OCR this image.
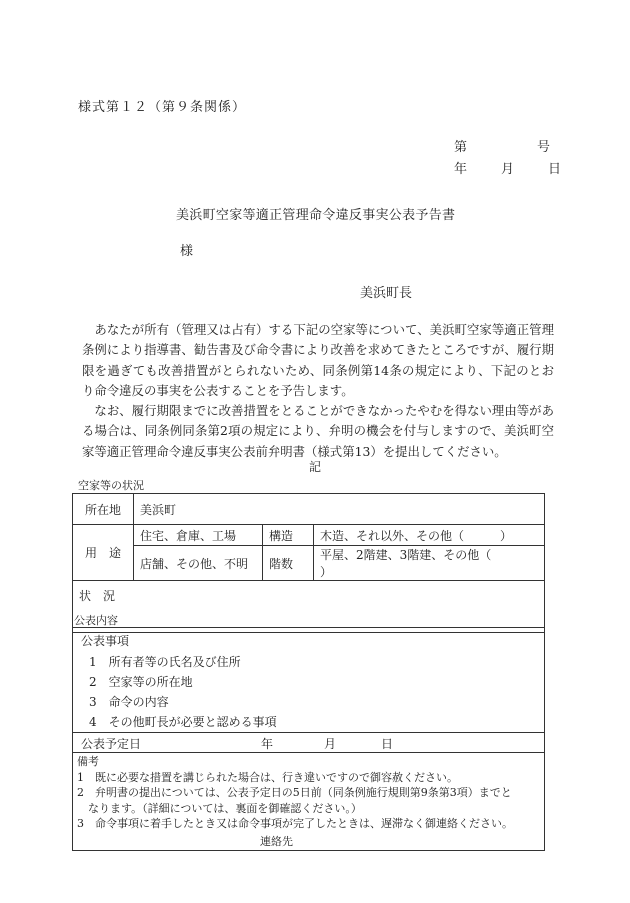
様式第１２（第９条関係）
第	号
年	月	日
美浜町空家等適正管理命令違反事実公表予告書
様
美浜町長

あなたが所有（管理又は占有）する下記の空家等について、美浜町空家等適正管理条例により指導書、勧告書及び命令書により改善を求めてきたところですが、履行期限を過ぎても改善措置がとられないため、同条例第14条の規定により、下記のとおり命令違反の事実を公表することを予告します。

なお、履行期限までに改善措置をとることができなかったやむを得ない理由等がある場合は、同条例同条第2項の規定により、弁明の機会を付与しますので、美浜町空家等適正管理命令違反事実公表前弁明書（様式第13）を提出してください。

記
空家等の状況
所在地	美浜町		
用　途	住宅、倉庫、工場	構造	木造、それ以外、その他（ ）
	店舗、その他、不明	階数	平屋、2階建、3階建、その他（）
状　況			
公表内容
公表事項
1　所有者等の氏名及び住所
2　空家等の所在地
3　命令の内容
4　その他町長が必要と認める事項
公表予定日	年	月	日
備考
1　既に必要な措置を講じられた場合は、行き違いですので御容赦ください。
2　弁明書の提出については、公表予定日の5日前（同条例施行規則第9条第3項）までと
　なります。（詳細については、裏面を御確認ください。）
3　命令事項に着手したとき又は命令事項が完了したときは、遅滞なく御連絡ください。
連絡先
